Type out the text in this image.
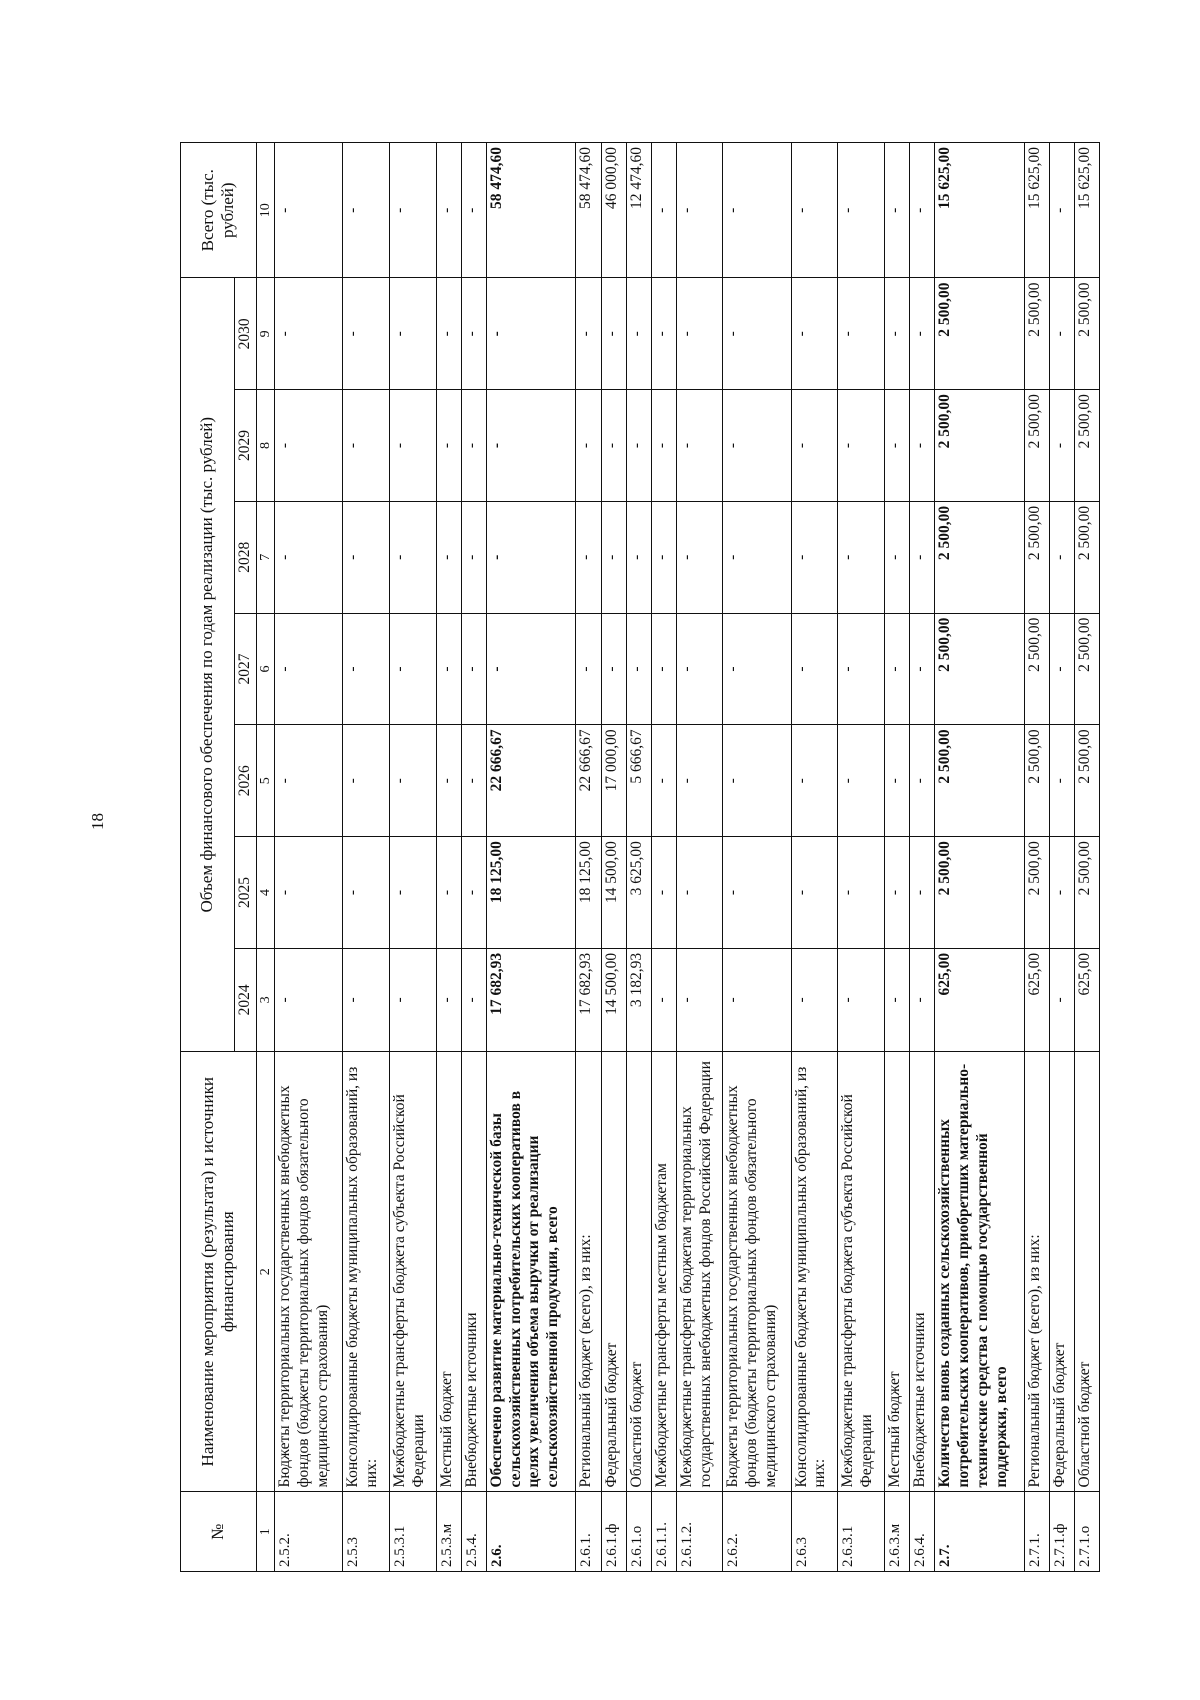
18
№	Наименование мероприятия (результата) и источники финансирования	Объем финансового обеспечения по годам реализации (тыс. рублей)							Всего (тыс. рублей)
		2024	2025	2026	2027	2028	2029	2030	
1	2	3	4	5	6	7	8	9	10
2.5.2.	Бюджеты территориальных государственных внебюджетных фондов (бюджеты территориальных фондов обязательного медицинского страхования)	-	-	-	-	-	-	-	-
2.5.3	Консолидированные бюджеты муниципальных образований, из них:	-	-	-	-	-	-	-	-
2.5.3.1	Межбюджетные трансферты бюджета субъекта Российской Федерации	-	-	-	-	-	-	-	-
2.5.3.м	Местный бюджет	-	-	-	-	-	-	-	-
2.5.4.	Внебюджетные источники	-	-	-	-	-	-	-	-
2.6.	Обеспечено развитие материально-технической базы сельскохозяйственных потребительских кооперативов в целях увеличения объема выручки от реализации сельскохозяйственной продукции, всего	17 682,93	18 125,00	22 666,67	-	-	-	-	58 474,60
2.6.1.	Региональный бюджет (всего), из них:	17 682,93	18 125,00	22 666,67	-	-	-	-	58 474,60
2.6.1.ф	Федеральный бюджет	14 500,00	14 500,00	17 000,00	-	-	-	-	46 000,00
2.6.1.о	Областной бюджет	3 182,93	3 625,00	5 666,67	-	-	-	-	12 474,60
2.6.1.1.	Межбюджетные трансферты местным бюджетам	-	-	-	-	-	-	-	-
2.6.1.2.	Межбюджетные трансферты бюджетам территориальных государственных внебюджетных фондов Российской Федерации	-	-	-	-	-	-	-	-
2.6.2.	Бюджеты территориальных государственных внебюджетных фондов (бюджеты территориальных фондов обязательного медицинского страхования)	-	-	-	-	-	-	-	-
2.6.3	Консолидированные бюджеты муниципальных образований, из них:	-	-	-	-	-	-	-	-
2.6.3.1	Межбюджетные трансферты бюджета субъекта Российской Федерации	-	-	-	-	-	-	-	-
2.6.3.м	Местный бюджет	-	-	-	-	-	-	-	-
2.6.4.	Внебюджетные источники	-	-	-	-	-	-	-	-
2.7.	Количество вновь созданных сельскохозяйственных потребительских кооперативов, приобретших материально-технические средства с помощью государственной поддержки, всего	625,00	2 500,00	2 500,00	2 500,00	2 500,00	2 500,00	2 500,00	15 625,00
2.7.1.	Региональный бюджет (всего), из них:	625,00	2 500,00	2 500,00	2 500,00	2 500,00	2 500,00	2 500,00	15 625,00
2.7.1.ф	Федеральный бюджет	-	-	-	-	-	-	-	-
2.7.1.о	Областной бюджет	625,00	2 500,00	2 500,00	2 500,00	2 500,00	2 500,00	2 500,00	15 625,00
